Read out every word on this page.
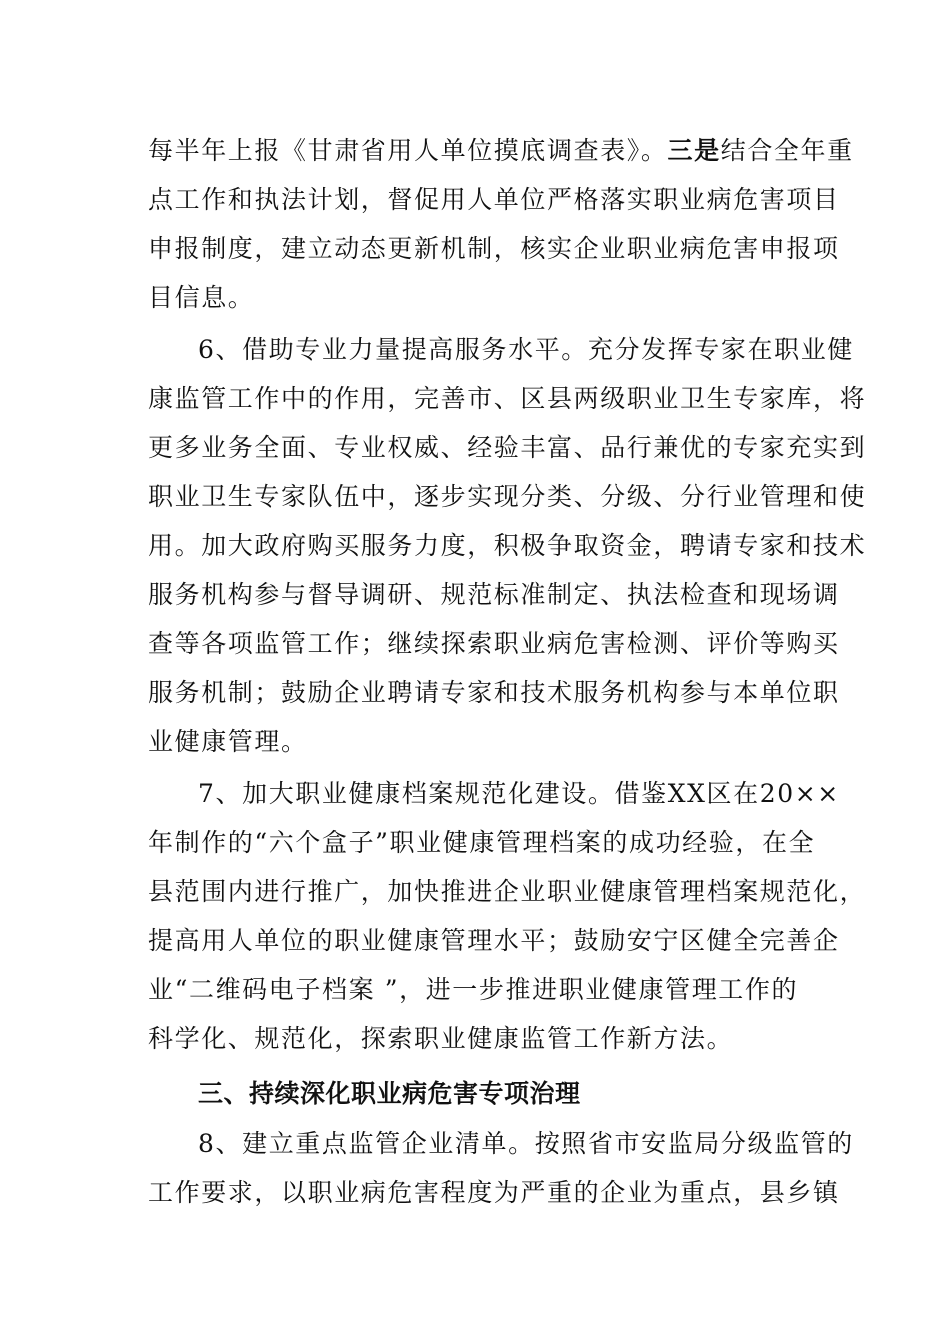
每半年上报《甘肃省用人单位摸底调查表》。三是结合全年重
点工作和执法计划，督促用人单位严格落实职业病危害项目
申报制度，建立动态更新机制，核实企业职业病危害申报项
目信息。
6、借助专业力量提高服务水平。充分发挥专家在职业健
康监管工作中的作用，完善市、区县两级职业卫生专家库，将
更多业务全面、专业权威、经验丰富、品行兼优的专家充实到
职业卫生专家队伍中，逐步实现分类、分级、分行业管理和使
用。加大政府购买服务力度，积极争取资金，聘请专家和技术
服务机构参与督导调研、规范标准制定、执法检查和现场调
查等各项监管工作；继续探索职业病危害检测、评价等购买
服务机制；鼓励企业聘请专家和技术服务机构参与本单位职
业健康管理。
7、加大职业健康档案规范化建设。借鉴XX区在20××
年制作的“六个盒子”职业健康管理档案的成功经验，在全
县范围内进行推广，加快推进企业职业健康管理档案规范化，
提高用人单位的职业健康管理水平；鼓励安宁区健全完善企
业“二维码电子档案 ”，进一步推进职业健康管理工作的
科学化、规范化，探索职业健康监管工作新方法。
三、持续深化职业病危害专项治理
8、建立重点监管企业清单。按照省市安监局分级监管的
工作要求，以职业病危害程度为严重的企业为重点，县乡镇
